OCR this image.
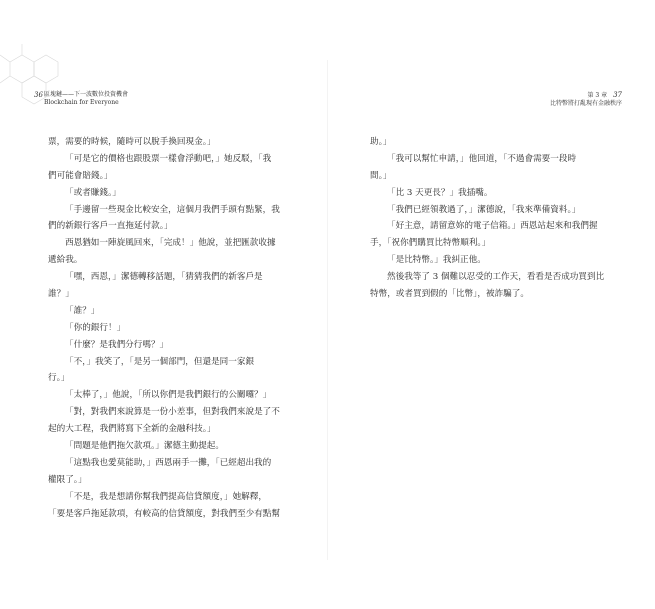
36 區塊鏈——下一波數位投資機會
Blockchain for Everyone
第 3 章 37
比特幣將打亂現有金融秩序
票，需要的時候，隨時可以脫手換回現金。」
「可是它的價格也跟股票一樣會浮動吧，」她反駁，「我
們可能會賠錢。」
「或者賺錢。」
「手邊留一些現金比較安全，這個月我們手頭有點緊，我
們的新銀行客戶一直拖延付款。」
西恩猶如一陣旋風回來，「完成！」他說，並把匯款收據
遞給我。
「嘿，西恩，」潔德轉移話題，「猜猜我們的新客戶是
誰？」
「誰？」
「你的銀行！」
「什麼？是我們分行嗎？」
「不，」我笑了，「是另一個部門，但還是同一家銀
行。」
「太棒了，」他說，「所以你們是我們銀行的公關囉？」
「對，對我們來說算是一份小差事，但對我們來說是了不
起的大工程，我們將寫下全新的金融科技。」
「問題是他們拖欠款項。」潔德主動提起。
「這點我也愛莫能助，」西恩兩手一攤，「已經超出我的
權限了。」
「不是，我是想請你幫我們提高信貸額度，」她解釋，
「要是客戶拖延款項，有較高的信貸額度，對我們至少有點幫
助。」
「我可以幫忙申請，」他回道，「不過會需要一段時
間。」
「比 3 天更長？」我插嘴。
「我們已經領教過了，」潔德說，「我來準備資料。」
「好主意，請留意妳的電子信箱。」西恩站起來和我們握
手，「祝你們購買比特幣順利。」
「是比特幣。」我糾正他。
然後我等了 3 個難以忍受的工作天，看看是否成功買到比
特幣，或者買到假的「比幣」，被詐騙了。
